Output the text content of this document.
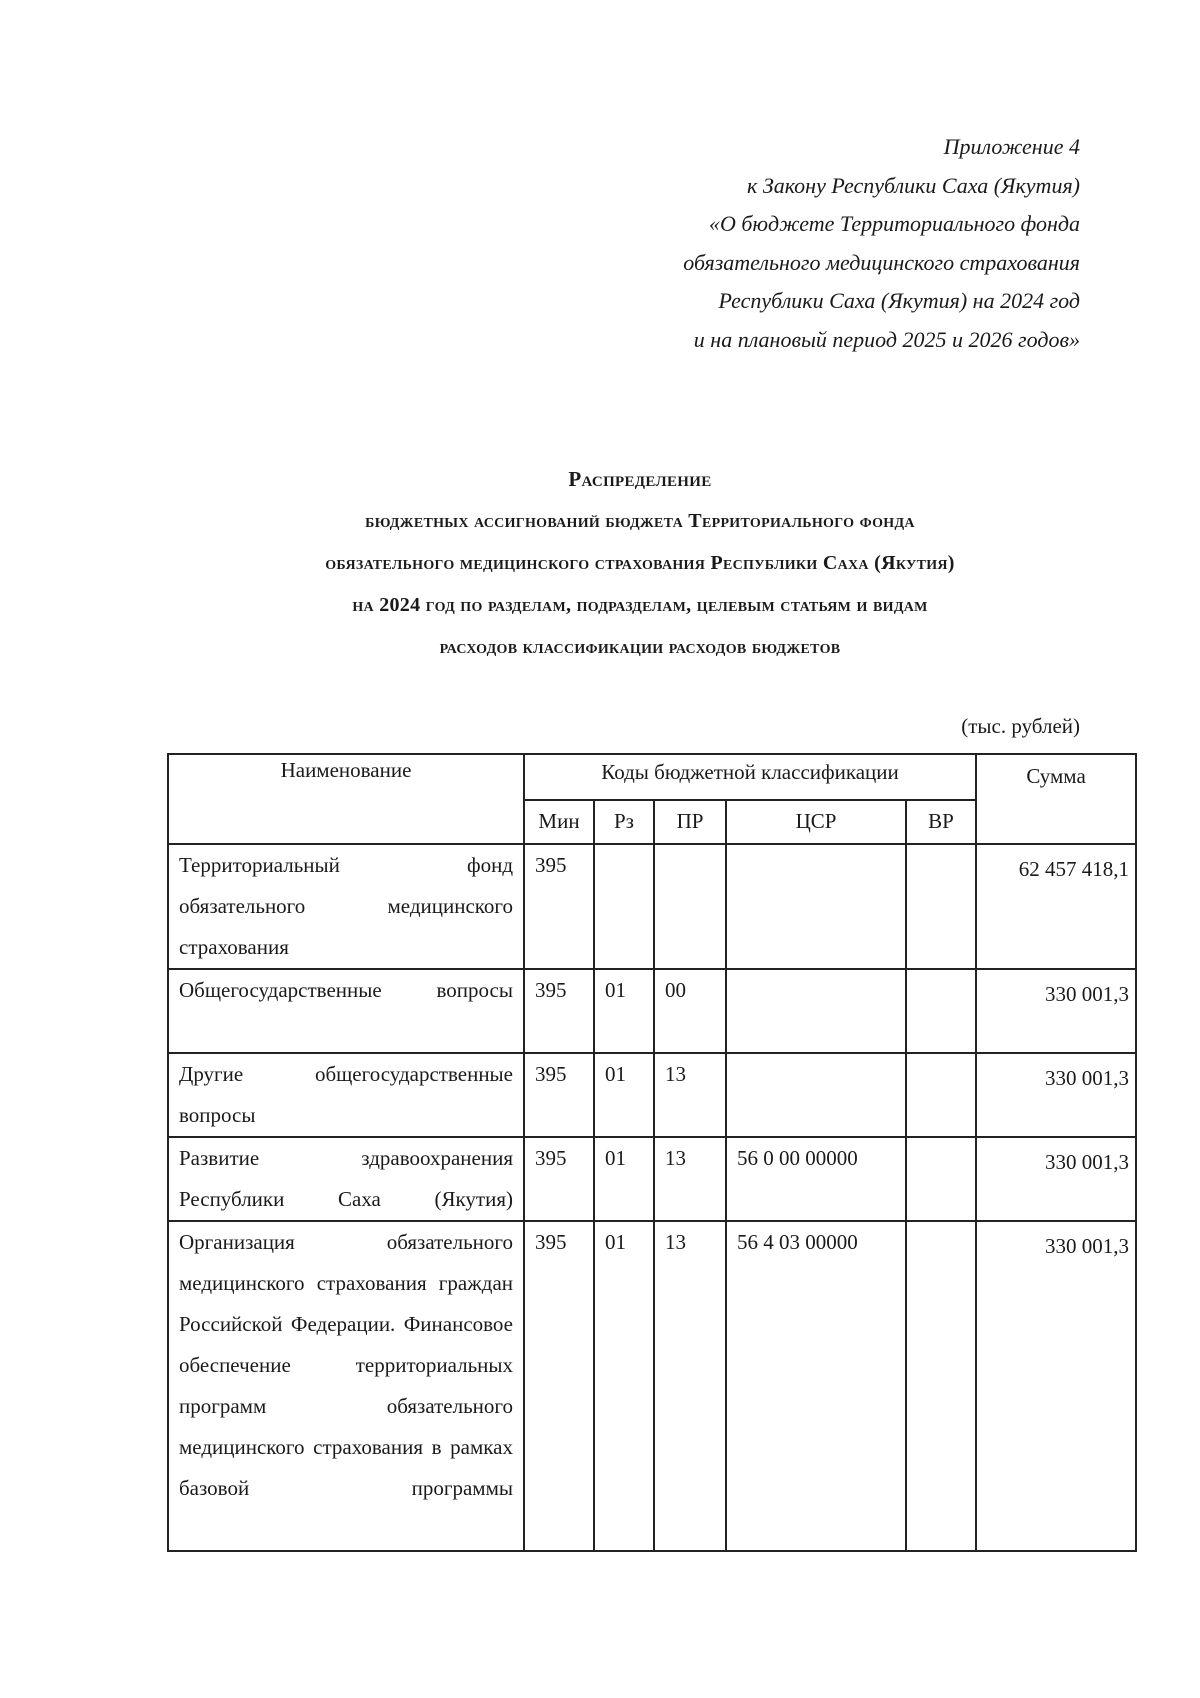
Приложение 4
к Закону Республики Саха (Якутия)
«О бюджете Территориального фонда
обязательного медицинского страхования
Республики Саха (Якутия) на 2024 год
и на плановый период 2025 и 2026 годов»
Распределение
бюджетных ассигнований бюджета Территориального фонда
обязательного медицинского страхования Республики Саха (Якутия)
на 2024 год по разделам, подразделам, целевым статьям и видам
расходов классификации расходов бюджетов
(тыс. рублей)
Наименование	Коды бюджетной классификации					Сумма
	Мин	Рз	ПР	ЦСР	ВР	
Территориальный фонд обязательного медицинского страхования	395					62 457 418,1
Общегосударственные вопросы	395	01	00			330 001,3
Другие общегосударственные вопросы	395	01	13			330 001,3
Развитие здравоохранения Республики Саха (Якутия)	395	01	13	56 0 00 00000		330 001,3
Организация обязательного медицинского страхования граждан Российской Федерации. Финансовое обеспечение территориальных программ обязательного медицинского страхования в рамках базовой программы	395	01	13	56 4 03 00000		330 001,3
